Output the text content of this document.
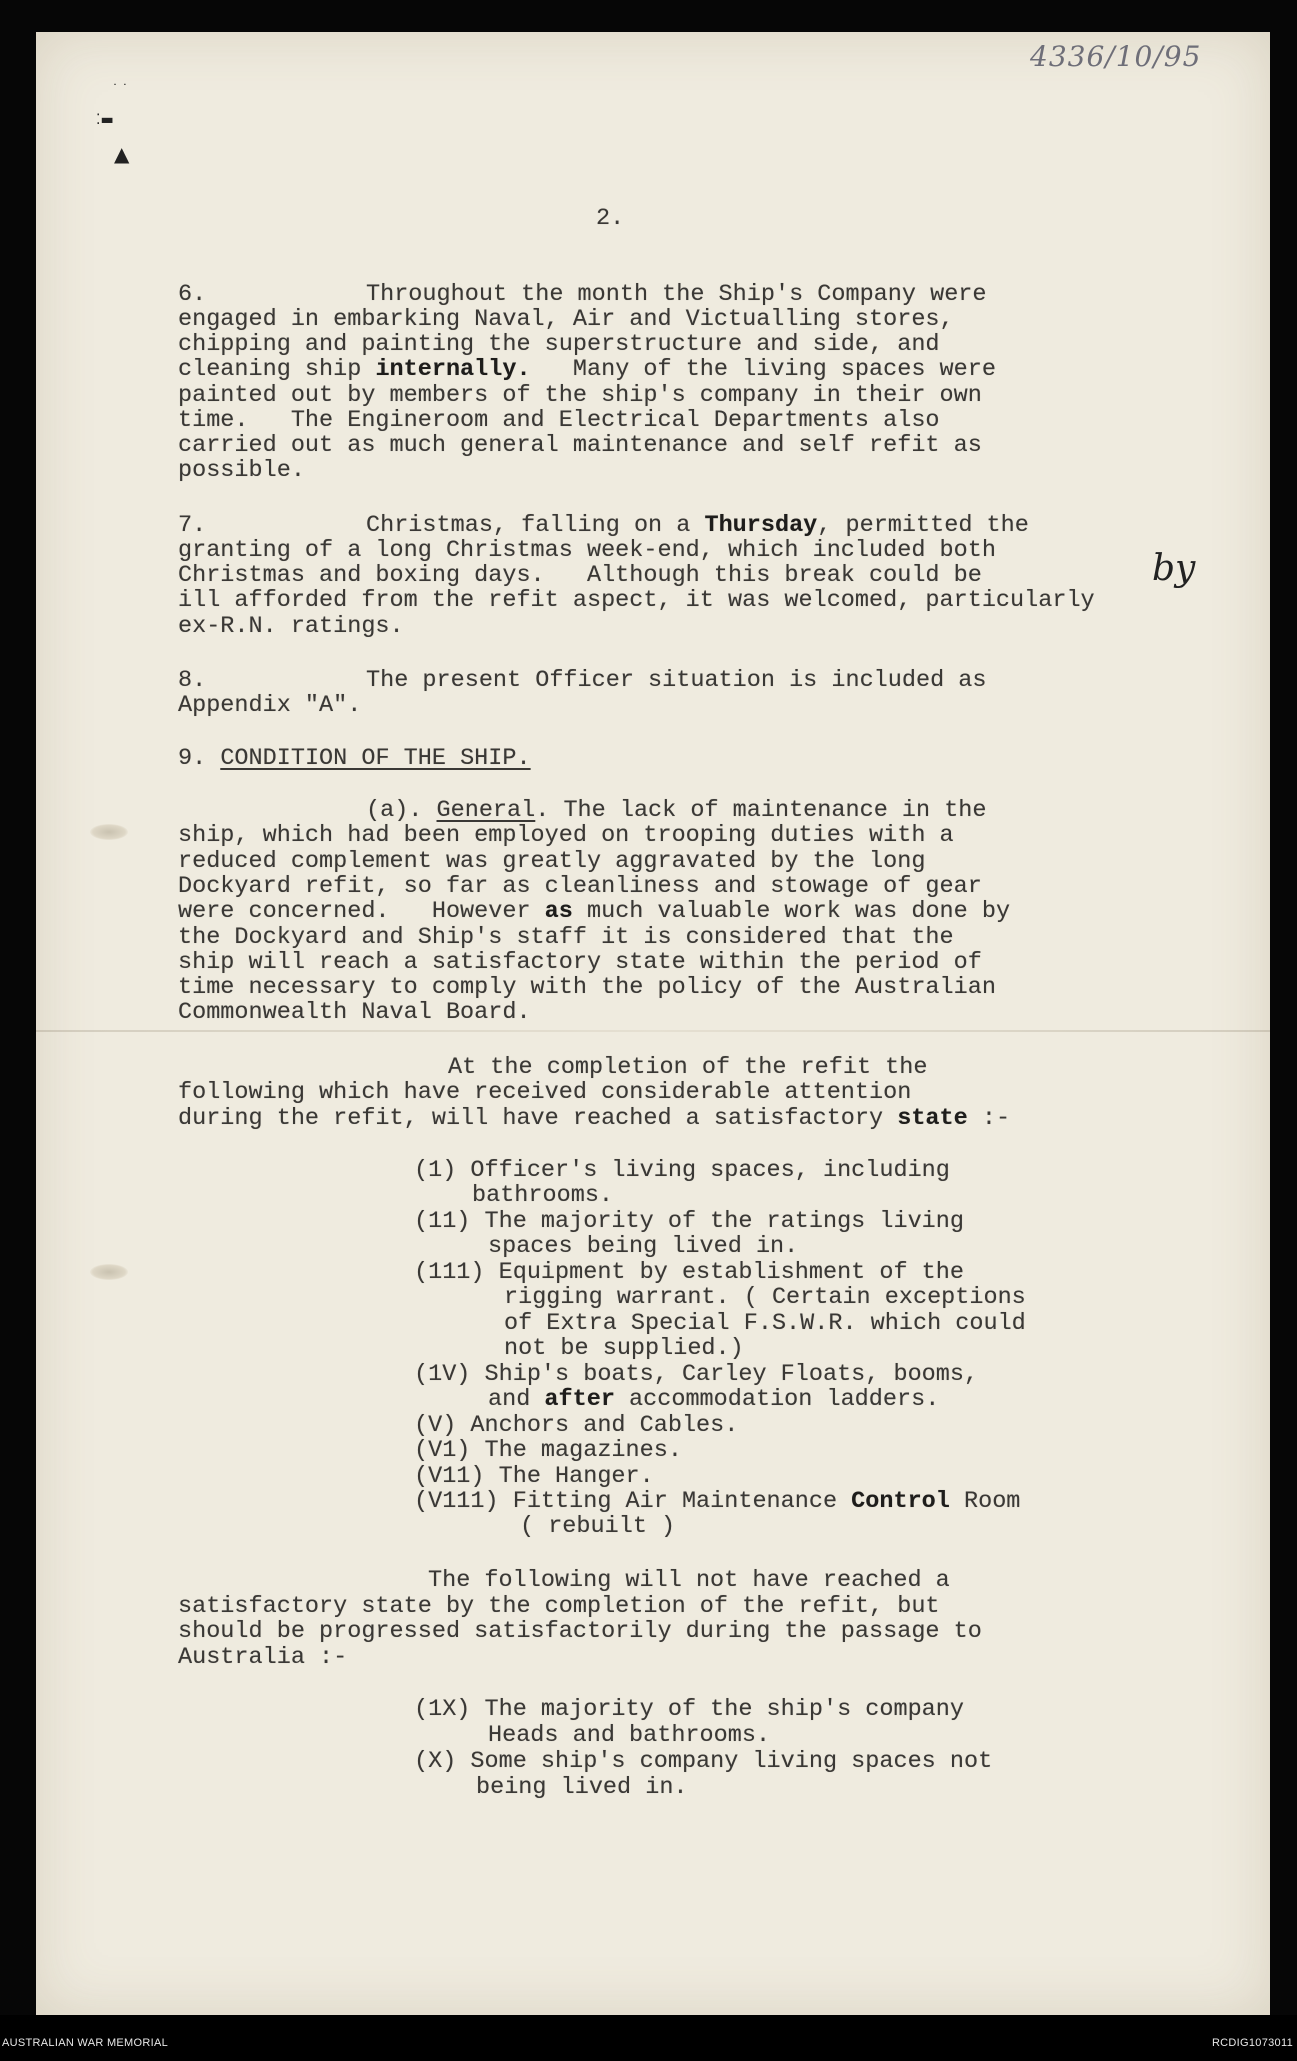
˙ ˙
⁚▬
▲
4336/10/95
by
2.
6.	Throughout the month the Ship's Company were
engaged in embarking Naval, Air and Victualling stores,
chipping and painting the superstructure and side, and
cleaning ship internally.   Many of the living spaces were
painted out by members of the ship's company in their own
time.   The Engineroom and Electrical Departments also
carried out as much general maintenance and self refit as
possible.
7.	Christmas, falling on a Thursday, permitted the
granting of a long Christmas week-end, which included both
Christmas and boxing days.   Although this break could be
ill afforded from the refit aspect, it was welcomed, particularly
ex-R.N. ratings.
8.	The present Officer situation is included as
Appendix "A".
9. CONDITION OF THE SHIP.
(a). General. The lack of maintenance in the
ship, which had been employed on trooping duties with a
reduced complement was greatly aggravated by the long
Dockyard refit, so far as cleanliness and stowage of gear
were concerned.   However as much valuable work was done by
the Dockyard and Ship's staff it is considered that the
ship will reach a satisfactory state within the period of
time necessary to comply with the policy of the Australian
Commonwealth Naval Board.
At the completion of the refit the
following which have received considerable attention
during the refit, will have reached a satisfactory state :-
(1) Officer's living spaces, including
bathrooms.
(11) The majority of the ratings living
spaces being lived in.
(111) Equipment by establishment of the
rigging warrant. ( Certain exceptions
of Extra Special F.S.W.R. which could
not be supplied.)
(1V) Ship's boats, Carley Floats, booms,
and after accommodation ladders.
(V) Anchors and Cables.
(V1) The magazines.
(V11) The Hanger.
(V111) Fitting Air Maintenance Control Room
( rebuilt )
The following will not have reached a
satisfactory state by the completion of the refit, but
should be progressed satisfactorily during the passage to
Australia :-
(1X) The majority of the ship's company
Heads and bathrooms.
(X) Some ship's company living spaces not
being lived in.
AUSTRALIAN WAR MEMORIAL	RCDIG1073011
